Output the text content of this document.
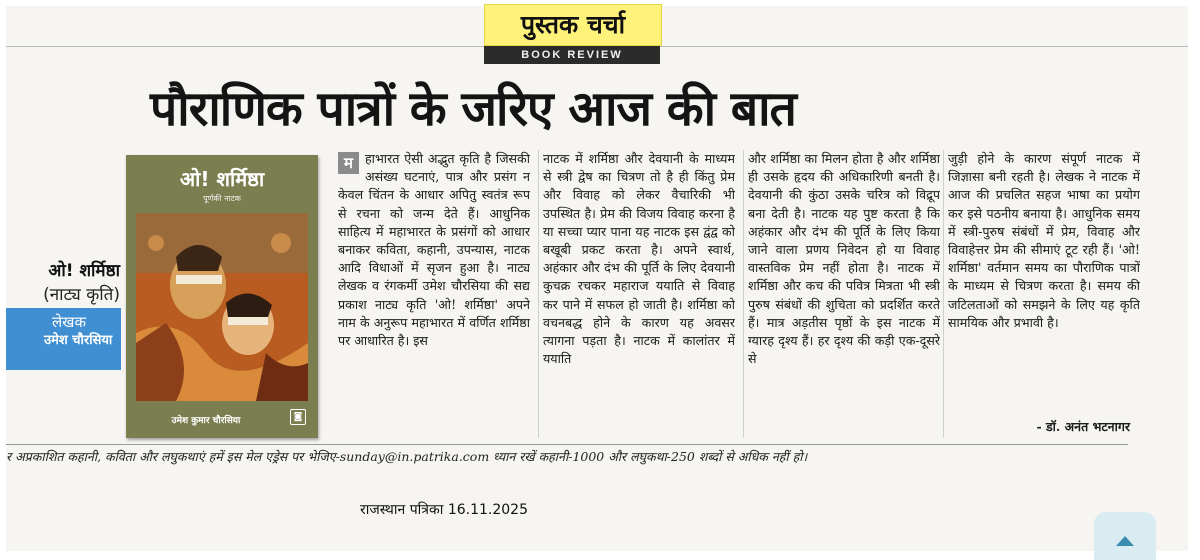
पुस्तक चर्चा
BOOK REVIEW
पौराणिक पात्रों के जरिए आज की बात
ओ! शर्मिष्ठा
(नाट्य कृति)
लेखक
उमेश चौरसिया
ओ! शर्मिष्ठा
पूर्णकी नाटक
उमेश कुमार चौरसिया	◙

म हाभारत ऐसी अद्भुत कृति है जिसकी असंख्य घटनाएं, पात्र और प्रसंग न केवल चिंतन के आधार अपितु स्वतंत्र रूप से रचना को जन्म देते हैं। आधुनिक साहित्य में महाभारत के प्रसंगों को आधार बनाकर कविता, कहानी, उपन्यास, नाटक आदि विधाओं में सृजन हुआ है। नाट्य लेखक व रंगकर्मी उमेश चौरसिया की सद्य प्रकाश नाट्य कृति 'ओ! शर्मिष्ठा' अपने नाम के अनुरूप महाभारत में वर्णित शर्मिष्ठा पर आधारित है। इस

नाटक में शर्मिष्ठा और देवयानी के माध्यम से स्त्री द्वेष का चित्रण तो है ही किंतु प्रेम और विवाह को लेकर वैचारिकी भी उपस्थित है। प्रेम की विजय विवाह करना है या सच्चा प्यार पाना यह नाटक इस द्वंद्व को बखूबी प्रकट करता है। अपने स्वार्थ, अहंकार और दंभ की पूर्ति के लिए देवयानी कुचक्र रचकर महाराज ययाति से विवाह कर पाने में सफल हो जाती है। शर्मिष्ठा को वचनबद्ध होने के कारण यह अवसर त्यागना पड़ता है। नाटक में कालांतर में ययाति

और शर्मिष्ठा का मिलन होता है और शर्मिष्ठा ही उसके हृदय की अधिकारिणी बनती है। देवयानी की कुंठा उसके चरित्र को विद्रूप बना देती है। नाटक यह पुष्ट करता है कि अहंकार और दंभ की पूर्ति के लिए किया जाने वाला प्रणय निवेदन हो या विवाह वास्तविक प्रेम नहीं होता है। नाटक में शर्मिष्ठा और कच की पवित्र मित्रता भी स्त्री पुरुष संबंधों की शुचिता को प्रदर्शित करते हैं। मात्र अड़तीस पृष्ठों के इस नाटक में ग्यारह दृश्य हैं। हर दृश्य की कड़ी एक-दूसरे से

जुड़ी होने के कारण संपूर्ण नाटक में जिज्ञासा बनी रहती है। लेखक ने नाटक में आज की प्रचलित सहज भाषा का प्रयोग कर इसे पठनीय बनाया है। आधुनिक समय में स्त्री-पुरुष संबंधों में प्रेम, विवाह और विवाहेत्तर प्रेम की सीमाएं टूट रही हैं। 'ओ! शर्मिष्ठा' वर्तमान समय का पौराणिक पात्रों के माध्यम से चित्रण करता है। समय की जटिलताओं को समझने के लिए यह कृति सामयिक और प्रभावी है।

- डॉ. अनंत भटनागर
र अप्रकाशित कहानी, कविता और लघुकथाएं हमें इस मेल एड्रेस पर भेजिए-sunday@in.patrika.com ध्यान रखें कहानी-1000 और लघुकथा-250 शब्दों से अधिक नहीं हो।
राजस्थान पत्रिका 16.11.2025
